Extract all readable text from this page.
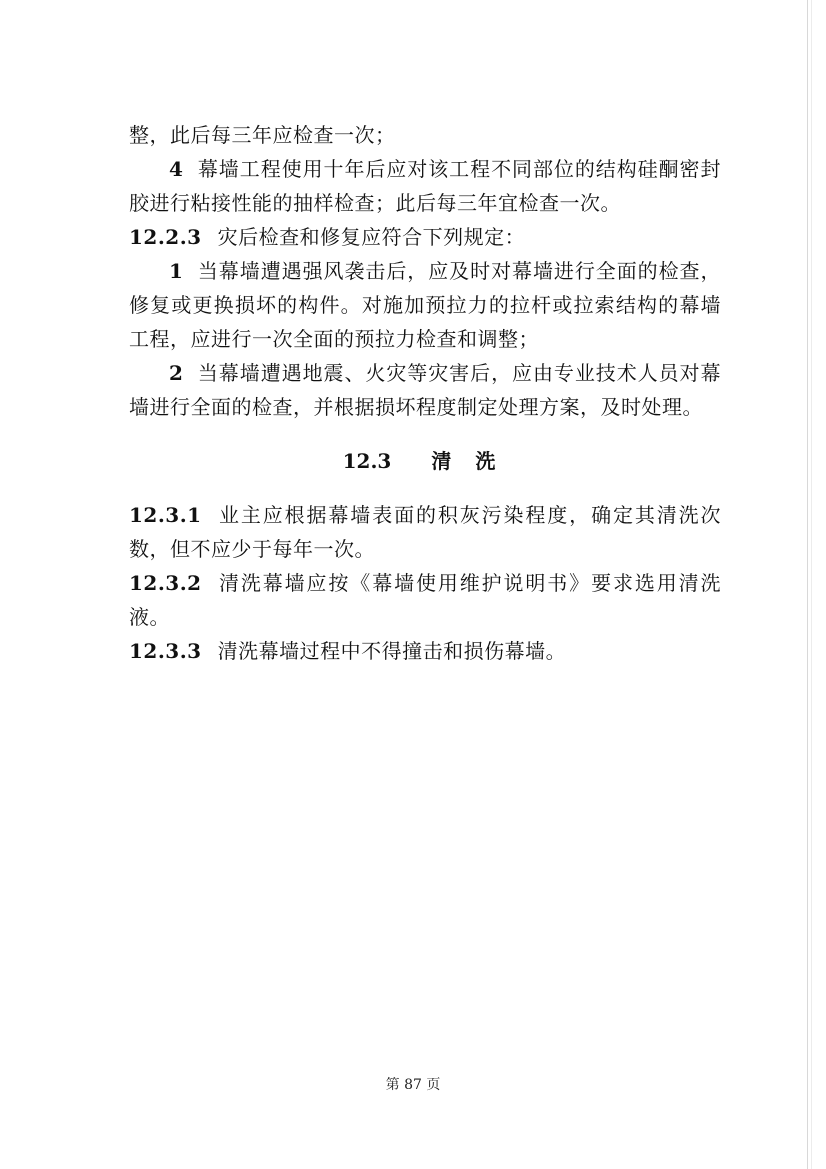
整，此后每三年应检查一次；

4 幕墙工程使用十年后应对该工程不同部位的结构硅酮密封胶进行粘接性能的抽样检查；此后每三年宜检查一次。

12.2.3 灾后检查和修复应符合下列规定：

1 当幕墙遭遇强风袭击后，应及时对幕墙进行全面的检查，修复或更换损坏的构件。对施加预拉力的拉杆或拉索结构的幕墙工程，应进行一次全面的预拉力检查和调整；

2 当幕墙遭遇地震、火灾等灾害后，应由专业技术人员对幕墙进行全面的检查，并根据损坏程度制定处理方案，及时处理。

12.3 清 洗

12.3.1 业主应根据幕墙表面的积灰污染程度，确定其清洗次数，但不应少于每年一次。

12.3.2 清洗幕墙应按《幕墙使用维护说明书》要求选用清洗液。

12.3.3 清洗幕墙过程中不得撞击和损伤幕墙。

第 87 页
